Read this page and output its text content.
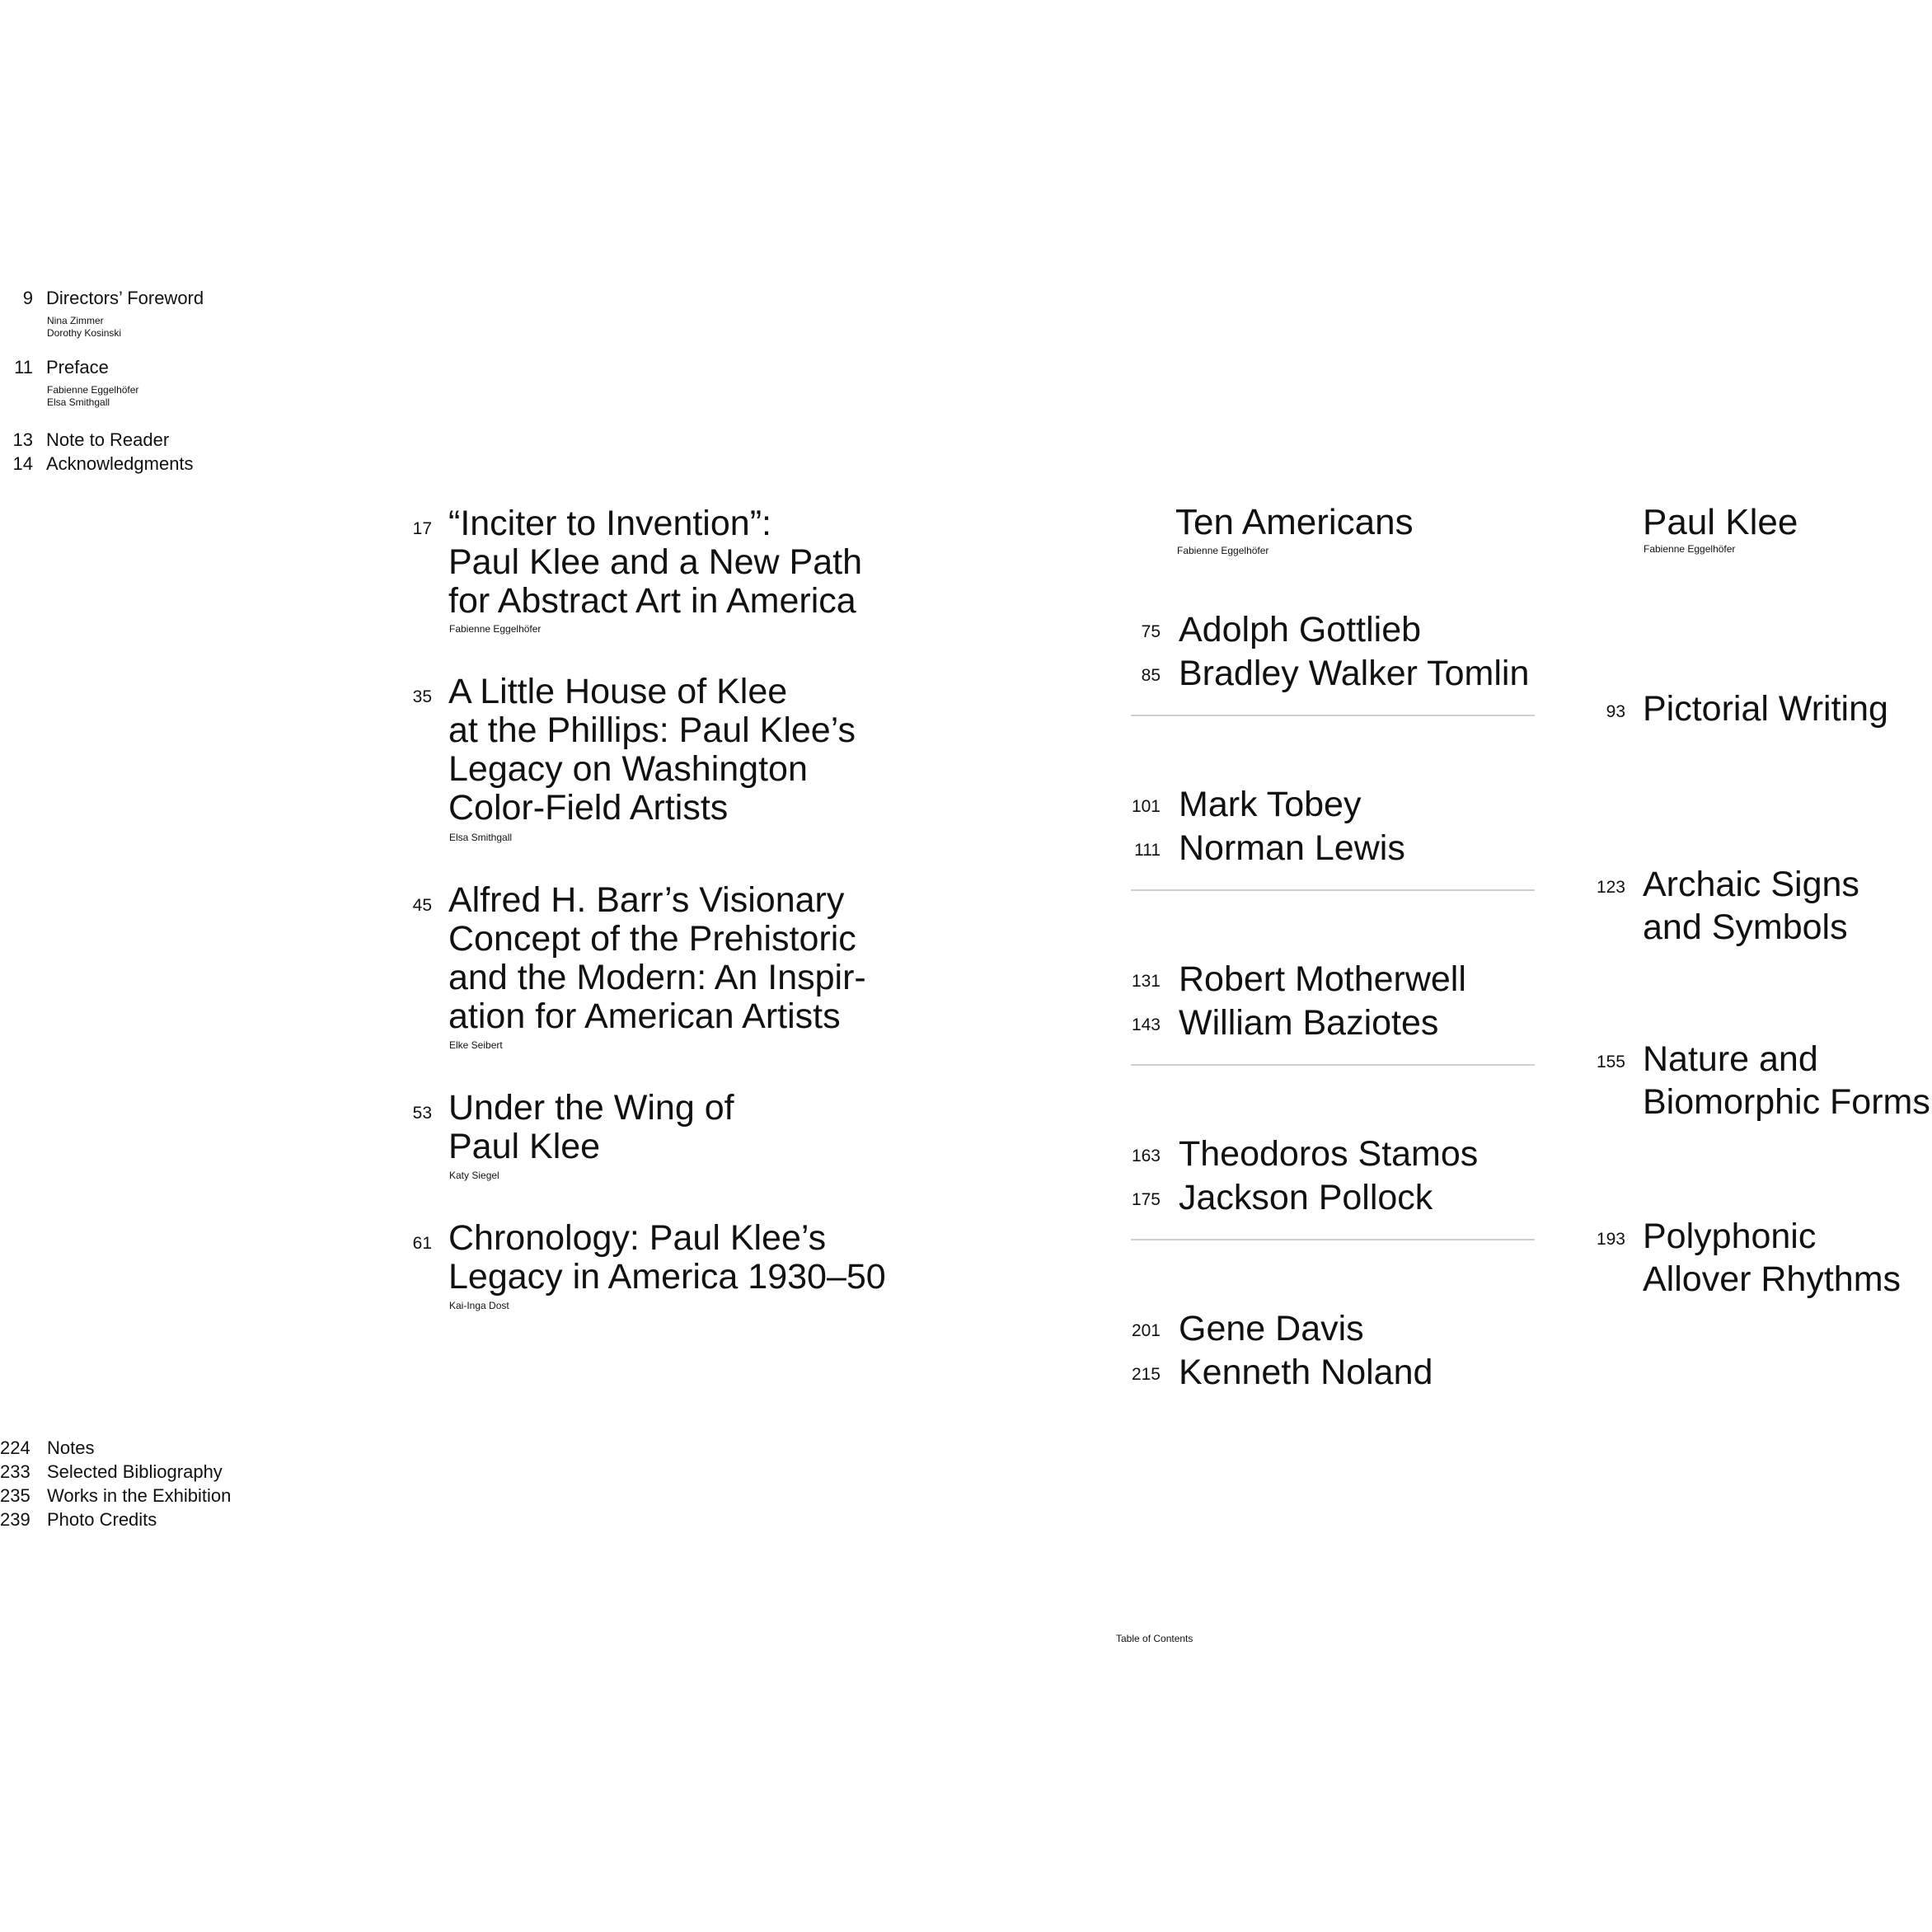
9 Directors’ Foreword
Nina Zimmer
Dorothy Kosinski
11 Preface
Fabienne Eggelhöfer
Elsa Smithgall
13 Note to Reader
14 Acknowledgments
17 “Inciter to Invention”:
Paul Klee and a New Path
for Abstract Art in America
Fabienne Eggelhöfer
35 A Little House of Klee
at the Phillips: Paul Klee’s
Legacy on Washington
Color-Field Artists
Elsa Smithgall
45 Alfred H. Barr’s Visionary
Concept of the Prehistoric
and the Modern: An Inspir-
ation for American Artists
Elke Seibert
53 Under the Wing of
Paul Klee
Katy Siegel
61 Chronology: Paul Klee’s
Legacy in America 1930–50
Kai-Inga Dost
Ten Americans
Fabienne Eggelhöfer
75 Adolph Gottlieb
85 Bradley Walker Tomlin
101 Mark Tobey
111 Norman Lewis
131 Robert Motherwell
143 William Baziotes
163 Theodoros Stamos
175 Jackson Pollock
201 Gene Davis
215 Kenneth Noland
Paul Klee
Fabienne Eggelhöfer
93 Pictorial Writing
123 Archaic Signs
and Symbols
155 Nature and
Biomorphic Forms
193 Polyphonic
Allover Rhythms
224 Notes
233 Selected Bibliography
235 Works in the Exhibition
239 Photo Credits
Table of Contents
